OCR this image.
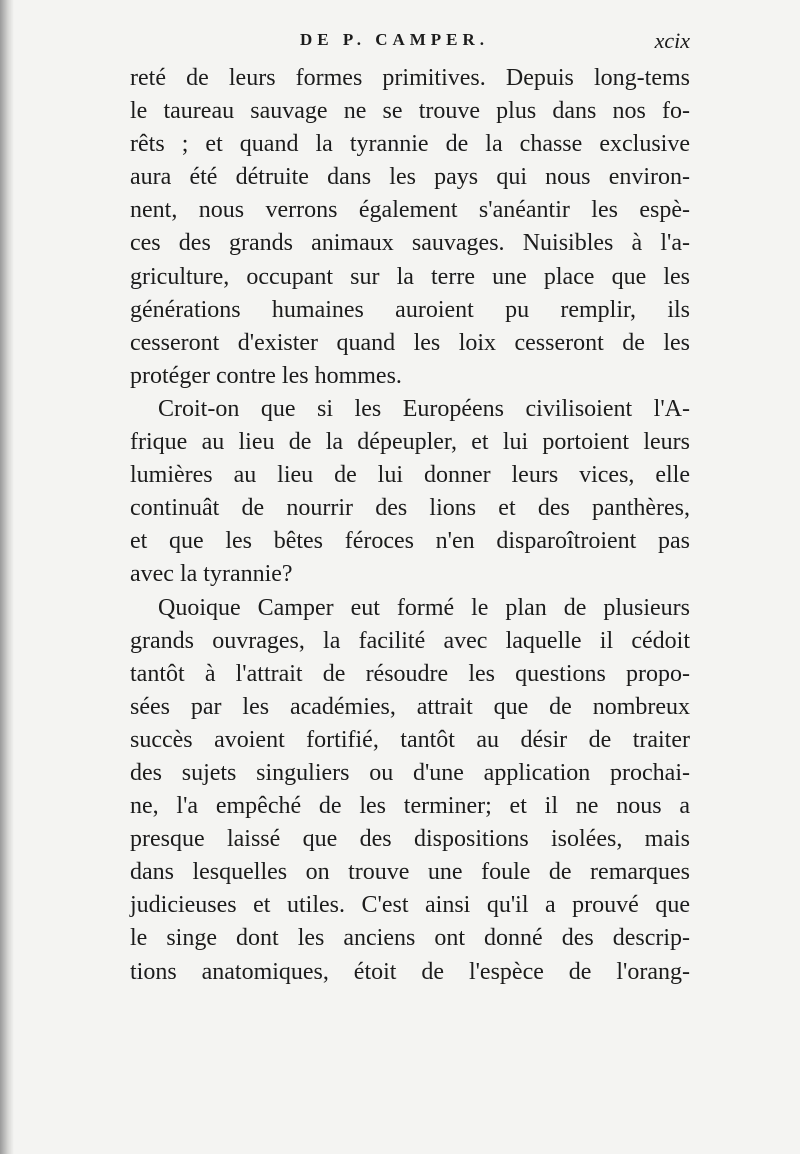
DE P. CAMPER.	xcix
reté de leurs formes primitives. Depuis long-tems
le taureau sauvage ne se trouve plus dans nos fo-
rêts ; et quand la tyrannie de la chasse exclusive
aura été détruite dans les pays qui nous environ-
nent, nous verrons également s'anéantir les espè-
ces des grands animaux sauvages. Nuisibles à l'a-
griculture, occupant sur la terre une place que les
générations humaines auroient pu remplir, ils
cesseront d'exister quand les loix cesseront de les
protéger contre les hommes.
Croit-on que si les Européens civilisoient l'A-
frique au lieu de la dépeupler, et lui portoient leurs
lumières au lieu de lui donner leurs vices, elle
continuât de nourrir des lions et des panthères,
et que les bêtes féroces n'en disparoîtroient pas
avec la tyrannie?
Quoique Camper eut formé le plan de plusieurs
grands ouvrages, la facilité avec laquelle il cédoit
tantôt à l'attrait de résoudre les questions propo-
sées par les académies, attrait que de nombreux
succès avoient fortifié, tantôt au désir de traiter
des sujets singuliers ou d'une application prochai-
ne, l'a empêché de les terminer; et il ne nous a
presque laissé que des dispositions isolées, mais
dans lesquelles on trouve une foule de remarques
judicieuses et utiles. C'est ainsi qu'il a prouvé que
le singe dont les anciens ont donné des descrip-
tions anatomiques, étoit de l'espèce de l'orang-
